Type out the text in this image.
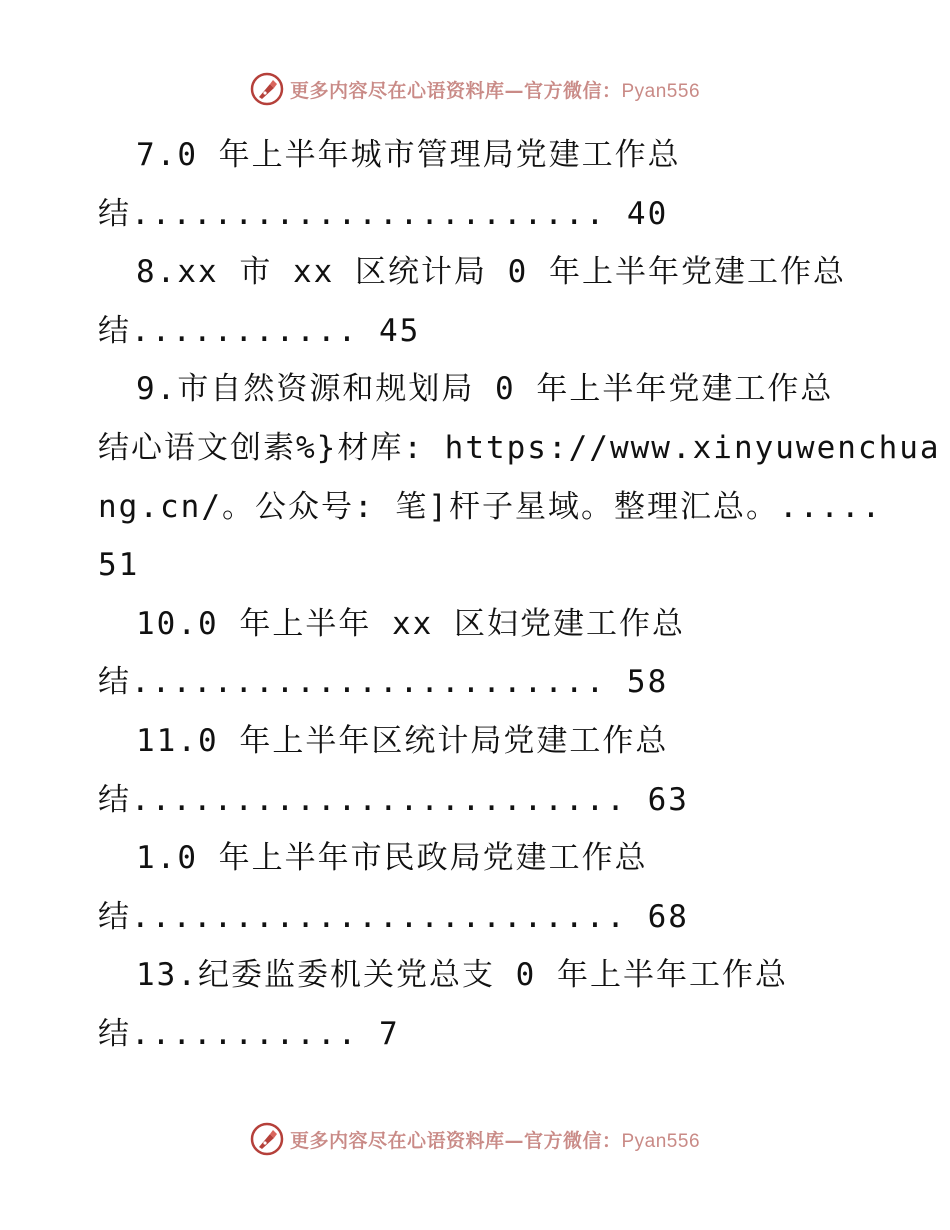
更多内容尽在心语资料库—官方微信：Pyan556
7.0 年上半年城市管理局党建工作总
结....................... 40
8.xx 市 xx 区统计局 0 年上半年党建工作总
结........... 45
9.市自然资源和规划局 0 年上半年党建工作总
结心语文创素%}材库: https://www.xinyuwenchua
ng.cn/。公众号: 笔]杆子星域。整理汇总。.....
51
10.0 年上半年 xx 区妇党建工作总
结....................... 58
11.0 年上半年区统计局党建工作总
结........................ 63
1.0 年上半年市民政局党建工作总
结........................ 68
13.纪委监委机关党总支 0 年上半年工作总
结........... 7
更多内容尽在心语资料库—官方微信：Pyan556
